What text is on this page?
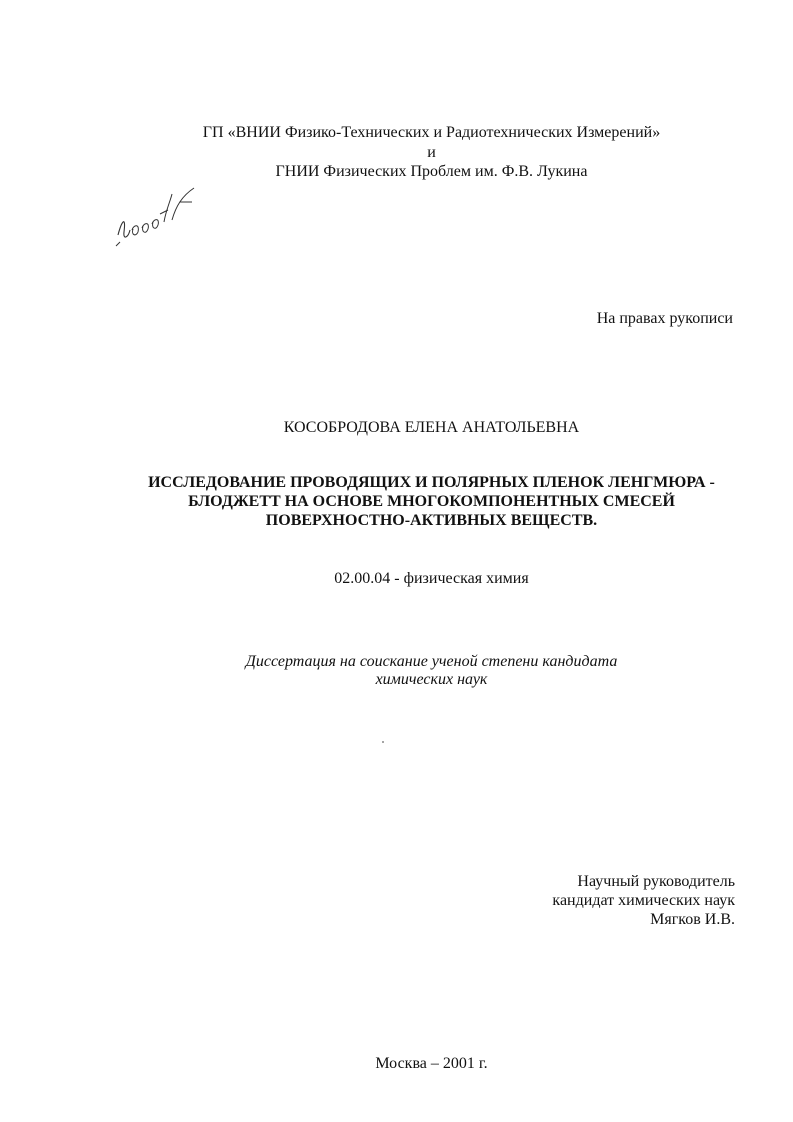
ГП «ВНИИ Физико-Технических и Радиотехнических Измерений»
и
ГНИИ Физических Проблем им. Ф.В. Лукина
На правах рукописи
КОСОБРОДОВА ЕЛЕНА АНАТОЛЬЕВНА
ИССЛЕДОВАНИЕ ПРОВОДЯЩИХ И ПОЛЯРНЫХ ПЛЕНОК ЛЕНГМЮРА -
БЛОДЖЕТТ НА ОСНОВЕ МНОГОКОМПОНЕНТНЫХ СМЕСЕЙ
ПОВЕРХНОСТНО-АКТИВНЫХ ВЕЩЕСТВ.
02.00.04 - физическая химия
Диссертация на соискание ученой степени кандидата
химических наук
Научный руководитель
кандидат химических наук
Мягков И.В.
Москва – 2001 г.
